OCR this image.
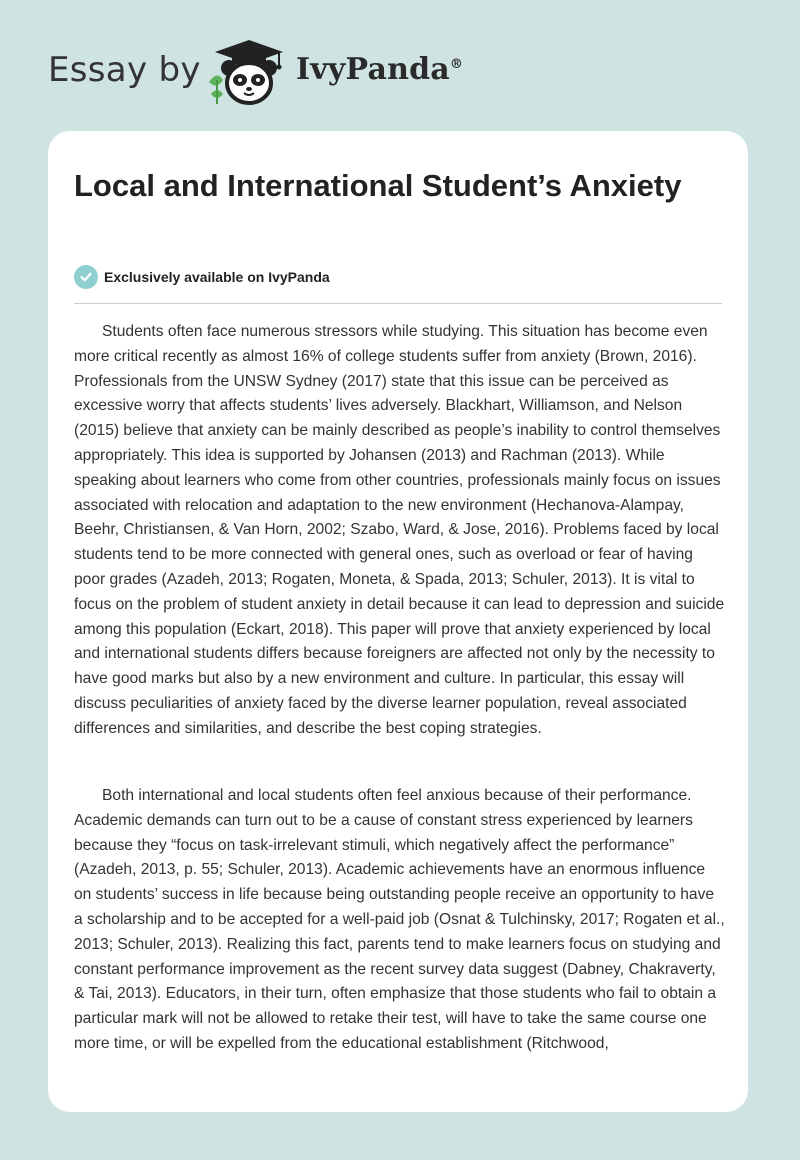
Essay by	IvyPanda®
Local and International Student’s Anxiety
Exclusively available on IvyPanda

Students often face numerous stressors while studying. This situation has become even more critical recently as almost 16% of college students suffer from anxiety (Brown, 2016). Professionals from the UNSW Sydney (2017) state that this issue can be perceived as excessive worry that affects students’ lives adversely. Blackhart, Williamson, and Nelson (2015) believe that anxiety can be mainly described as people’s inability to control themselves appropriately. This idea is supported by Johansen (2013) and Rachman (2013). While speaking about learners who come from other countries, professionals mainly focus on issues associated with relocation and adaptation to the new environment (Hechanova-Alampay, Beehr, Christiansen, & Van Horn, 2002; Szabo, Ward, & Jose, 2016). Problems faced by local students tend to be more connected with general ones, such as overload or fear of having poor grades (Azadeh, 2013; Rogaten, Moneta, & Spada, 2013; Schuler, 2013). It is vital to focus on the problem of student anxiety in detail because it can lead to depression and suicide among this population (Eckart, 2018). This paper will prove that anxiety experienced by local and international students differs because foreigners are affected not only by the necessity to have good marks but also by a new environment and culture. In particular, this essay will discuss peculiarities of anxiety faced by the diverse learner population, reveal associated differences and similarities, and describe the best coping strategies.

Both international and local students often feel anxious because of their performance. Academic demands can turn out to be a cause of constant stress experienced by learners because they “focus on task-irrelevant stimuli, which negatively affect the performance” (Azadeh, 2013, p. 55; Schuler, 2013). Academic achievements have an enormous influence on students’ success in life because being outstanding people receive an opportunity to have a scholarship and to be accepted for a well-paid job (Osnat & Tulchinsky, 2017; Rogaten et al., 2013; Schuler, 2013). Realizing this fact, parents tend to make learners focus on studying and constant performance improvement as the recent survey data suggest (Dabney, Chakraverty, & Tai, 2013). Educators, in their turn, often emphasize that those students who fail to obtain a particular mark will not be allowed to retake their test, will have to take the same course one more time, or will be expelled from the educational establishment (Ritchwood,
